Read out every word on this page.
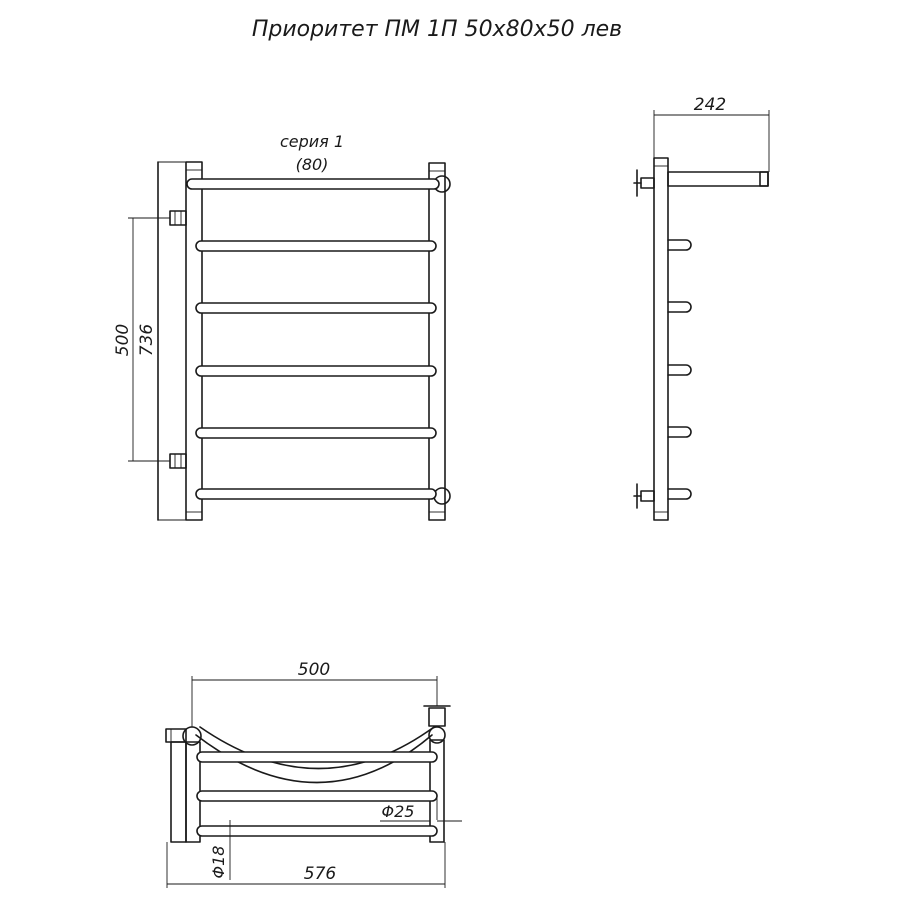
Приоритет ПМ 1П 50х80х50 лев
500 736
серия 1
(80)
242
500
576
Φ25
Φ18
